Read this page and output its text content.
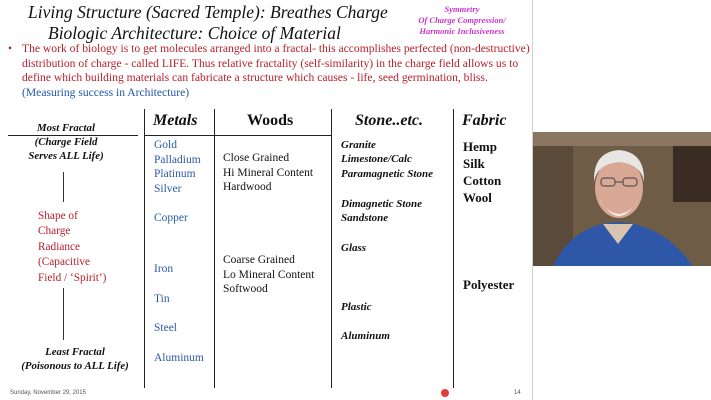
Living Structure (Sacred Temple): Breathes Charge
Biologic Architecture: Choice of Material
Symmetry
Of Charge Compression/
Harmonic Inclusiveness
• The work of biology is to get molecules arranged into a fractal- this accomplishes perfected (non-destructive) distribution of charge - called LIFE. Thus relative fractality (self-similarity) in the charge field allows us to define which building materials can fabricate a structure which causes - life, seed germination, bliss. (Measuring success in Architecture)
Metals	Woods	Stone..etc. Fabric
Most Fractal
(Charge Field
Serves ALL Life)
Shape of
Charge
Radiance
(Capacitive
Field / ‘Spirit’)
Least Fractal
(Poisonous to ALL Life)
Gold
Palladium
Platinum
Silver
Copper
Iron
Tin
Steel
Aluminum
Close Grained
Hi Mineral Content
Hardwood
Coarse Grained
Lo Mineral Content
Softwood
Granite
Limestone/Calc
Paramagnetic Stone
Dimagnetic Stone
Sandstone
Glass
Plastic
Aluminum
Hemp
Silk
Cotton
Wool
Polyester
Sunday, November 29, 2015	14
